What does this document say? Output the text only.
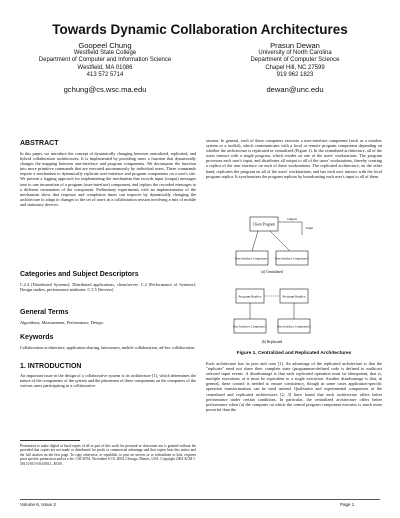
Towards Dynamic Collaboration Architectures
Goopeel Chung
Westfield State College
Department of Computer and Information Science
Westfield, MA 01086
413 572 5714
gchung@cs.wsc.ma.edu
Prasun Dewan
University of North Carolina
Department of Computer Science
Chapel Hill, NC 27599
919 962 1823
dewan@unc.edu
ABSTRACT
In this paper, we introduce the concept of dynamically changing between centralized, replicated, and hybrid collaboration architectures. It is implemented by providing users a function that dynamically changes the mapping between user-interface and program components. We decompose the function into more primitive commands that are executed autonomously by individual users. These commands require a mechanism to dynamically replicate user-interface and program components on a user's site. We present a logging approach for implementing the mechanism that records input (output) messages sent to one incarnation of a program (user-interface) component, and replays the recorded messages to a different incarnation of the component. Preliminary experiments with an implementation of the mechanism show that response and completion times can improve by dynamically changing the architecture to adapt to changes to the set of users in a collaboration session involving a mix of mobile and stationary devices.
Categories and Subject Descriptors
C.2.4 [Distributed Systems]: Distributed applications, client/server. C.4 [Performance of Systems]: Design studies, performance attributes. C.5.5 [Servers]
General Terms
Algorithms, Measurement, Performance, Design.
Keywords
Collaboration architecture, application sharing, latecomers, mobile collaboration, ad-hoc collaboration.
1. INTRODUCTION
An important issue in the design of a collaborative system is its architecture [1], which determines the nature of the components of the system and the placement of these components on the computers of the various users participating in a collaborative
Permission to make digital or hard copies of all or part of this work for personal or classroom use is granted without fee provided that copies are not made or distributed for profit or commercial advantage and that copies bear this notice and the full citation on the first page. To copy otherwise, or republish, to post on servers or to redistribute to lists, requires prior specific permission and/or a fee. CSCW'04, November 6-10, 2004, Chicago, Illinois, USA. Copyright 2004 ACM 1-58113-810-5/04/0011...$5.00.
session. In general, each of these computers executes a user-interface component (such as a window system or a toolkit), which communicates with a local or remote program component depending on whether the architecture is replicated or centralized (Figure 1). In the centralized architecture, all of the users interact with a single program, which resides on one of the users' workstations. The program processes each user's input, and distributes all output to all of the users' workstations, thereby creating a replica of the user interface on each of these workstations. The replicated architecture, on the other hand, replicates the program on all of the users' workstations, and has each user interact with the local program replica. It synchronizes the program replicas by broadcasting each user's input to all of them.
Client Program
Output
Input
User Interface Component 1 User Interface Component 2
(a) Centralized
Program Replica	Program Replica
User Interface Component 1	User Interface Component 2
(b) Replicated
Figure 1. Centralized and Replicated Architectures
Each architecture has its pros and cons [1]. An advantage of the replicated architecture is that the "replicate" need not share their complete state (programmer-defined code is defined to multicast selected input events. A disadvantage is that each replicated operation must be idempotent, that is, multiple executions of it must be equivalent to a single execution. Another disadvantage is that, in general, these control is needed to ensure consistency, though in some cases application-specific operation transformations can be used instead. Qualitative and experimental comparison of the centralized and replicated architectures [2, 3] have found that each architecture offers better performance under certain conditions. In particular, the centralized architecture offers better performance when (a) the computer on which the central program component executes is much more powerful than the
Volume 6, Issue 3	Page 1
